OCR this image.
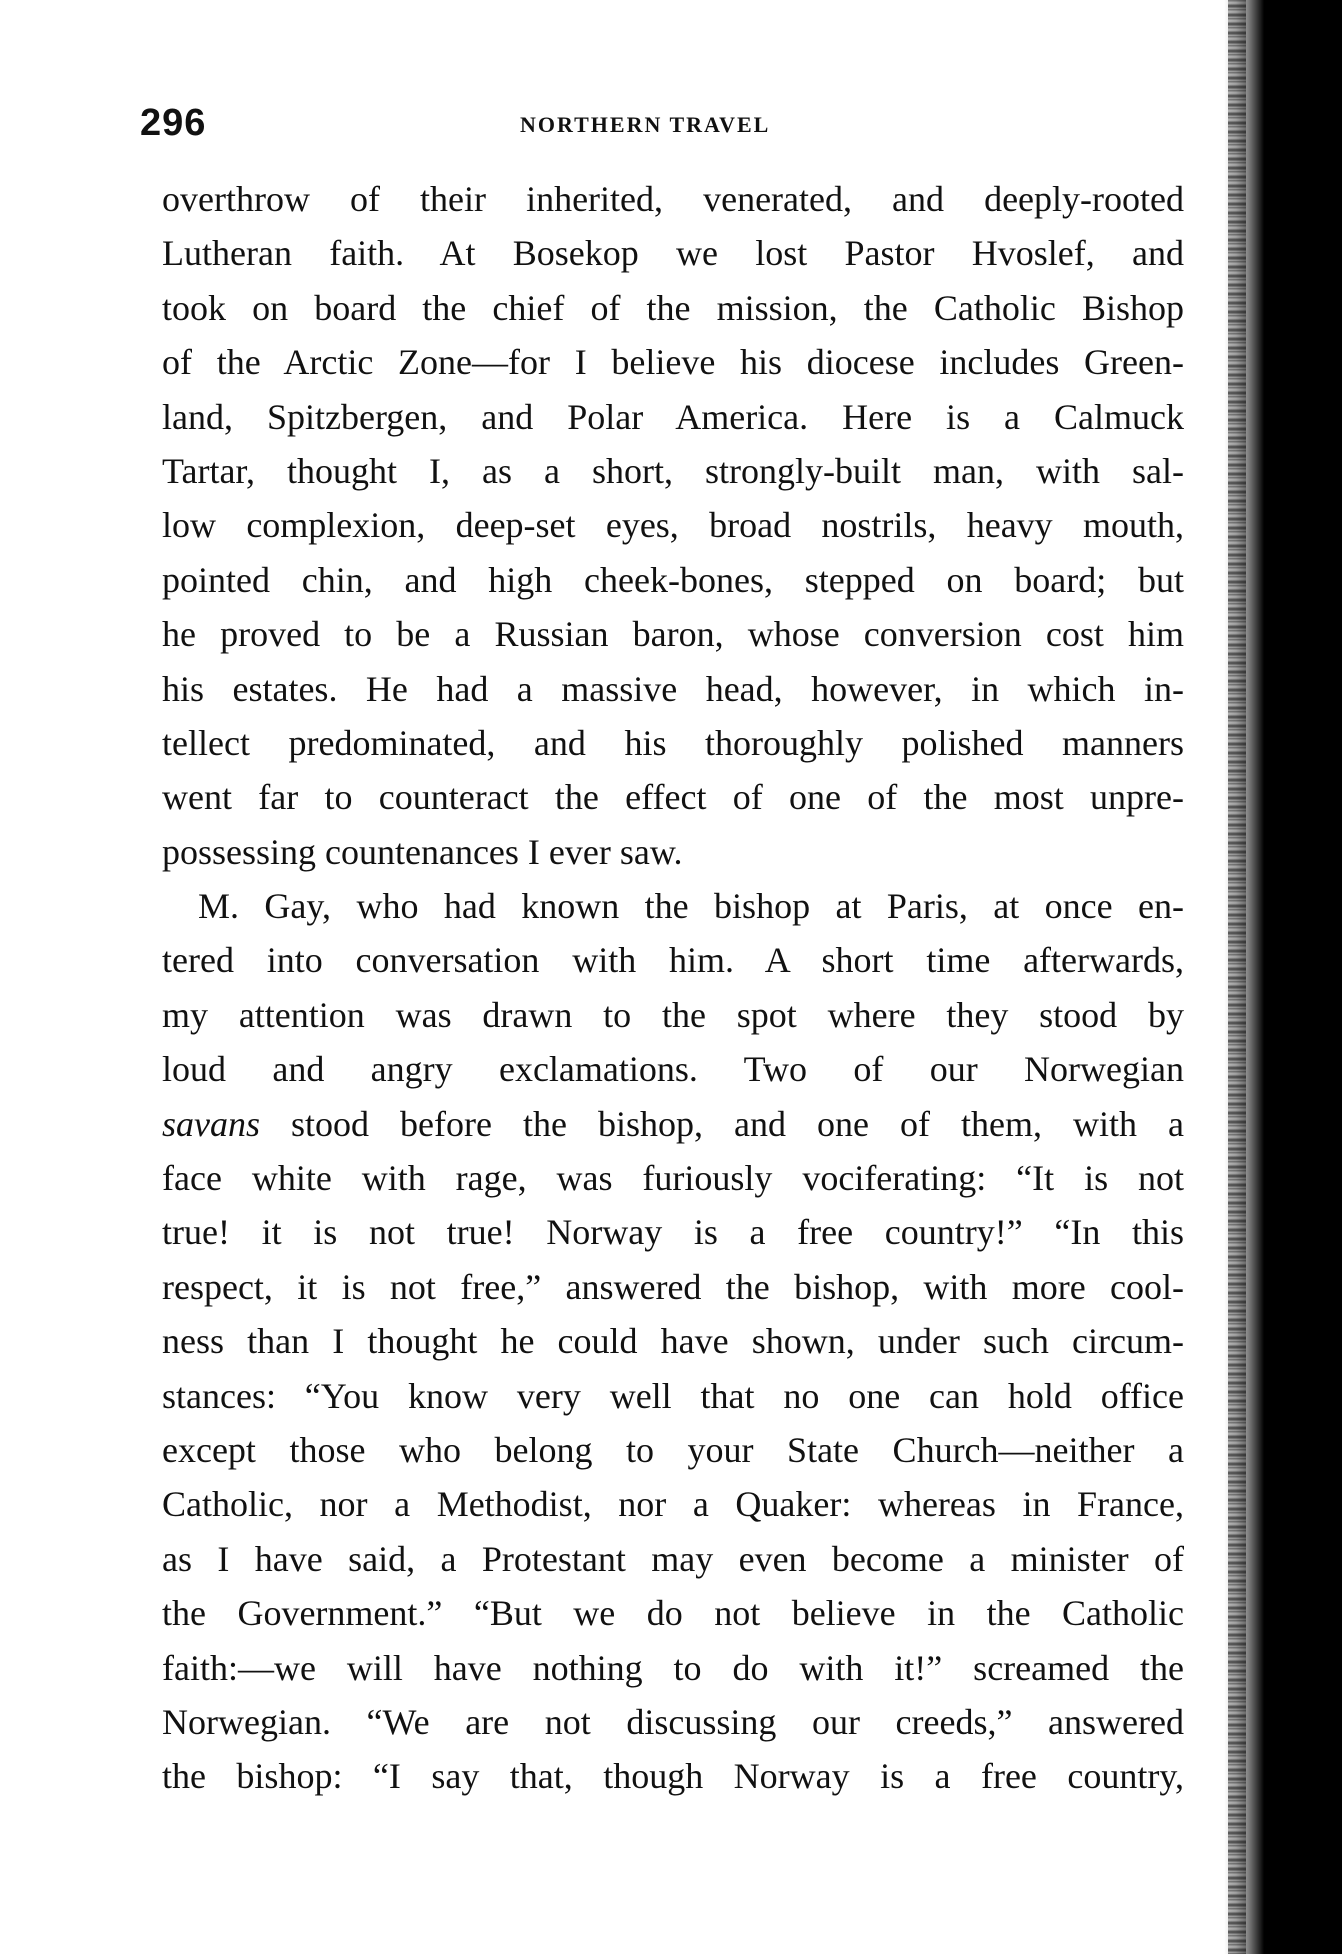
296	NORTHERN TRAVEL
overthrow of their inherited, venerated, and deeply-rooted
Lutheran faith. At Bosekop we lost Pastor Hvoslef, and
took on board the chief of the mission, the Catholic Bishop
of the Arctic Zone—for I believe his diocese includes Green-
land, Spitzbergen, and Polar America. Here is a Calmuck
Tartar, thought I, as a short, strongly-built man, with sal-
low complexion, deep-set eyes, broad nostrils, heavy mouth,
pointed chin, and high cheek-bones, stepped on board; but
he proved to be a Russian baron, whose conversion cost him
his estates. He had a massive head, however, in which in-
tellect predominated, and his thoroughly polished manners
went far to counteract the effect of one of the most unpre-
possessing countenances I ever saw.
M. Gay, who had known the bishop at Paris, at once en-
tered into conversation with him. A short time afterwards,
my attention was drawn to the spot where they stood by
loud and angry exclamations. Two of our Norwegian
savans stood before the bishop, and one of them, with a
face white with rage, was furiously vociferating: “It is not
true! it is not true! Norway is a free country!” “In this
respect, it is not free,” answered the bishop, with more cool-
ness than I thought he could have shown, under such circum-
stances: “You know very well that no one can hold office
except those who belong to your State Church—neither a
Catholic, nor a Methodist, nor a Quaker: whereas in France,
as I have said, a Protestant may even become a minister of
the Government.” “But we do not believe in the Catholic
faith:—we will have nothing to do with it!” screamed the
Norwegian. “We are not discussing our creeds,” answered
the bishop: “I say that, though Norway is a free country,
